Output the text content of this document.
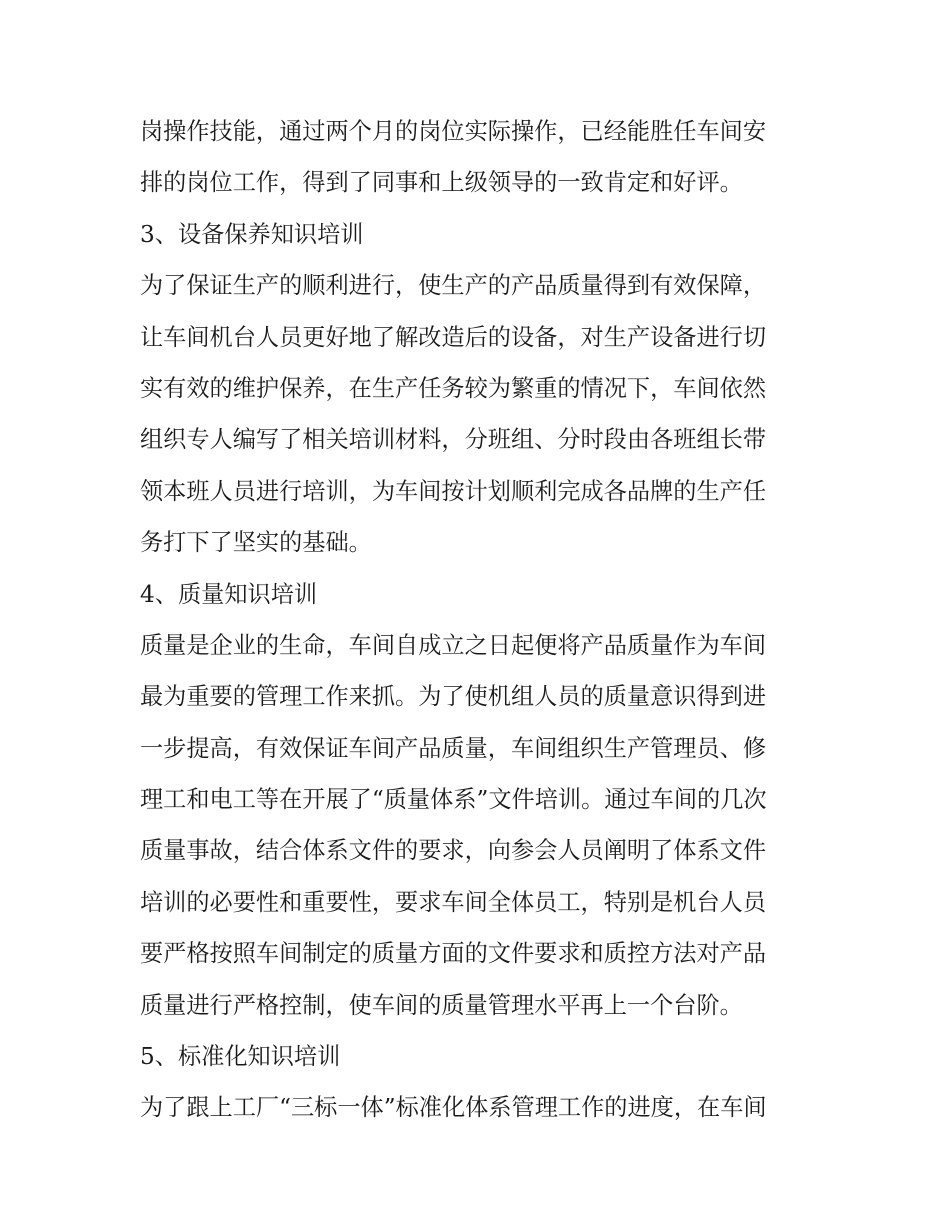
岗操作技能，通过两个月的岗位实际操作，已经能胜任车间安
排的岗位工作，得到了同事和上级领导的一致肯定和好评。
3、设备保养知识培训
为了保证生产的顺利进行，使生产的产品质量得到有效保障，
让车间机台人员更好地了解改造后的设备，对生产设备进行切
实有效的维护保养，在生产任务较为繁重的情况下，车间依然
组织专人编写了相关培训材料，分班组、分时段由各班组长带
领本班人员进行培训，为车间按计划顺利完成各品牌的生产任
务打下了坚实的基础。
4、质量知识培训
质量是企业的生命，车间自成立之日起便将产品质量作为车间
最为重要的管理工作来抓。为了使机组人员的质量意识得到进
一步提高，有效保证车间产品质量，车间组织生产管理员、修
理工和电工等在开展了“质量体系”文件培训。通过车间的几次
质量事故，结合体系文件的要求，向参会人员阐明了体系文件
培训的必要性和重要性，要求车间全体员工，特别是机台人员
要严格按照车间制定的质量方面的文件要求和质控方法对产品
质量进行严格控制，使车间的质量管理水平再上一个台阶。
5、标准化知识培训
为了跟上工厂“三标一体”标准化体系管理工作的进度，在车间
